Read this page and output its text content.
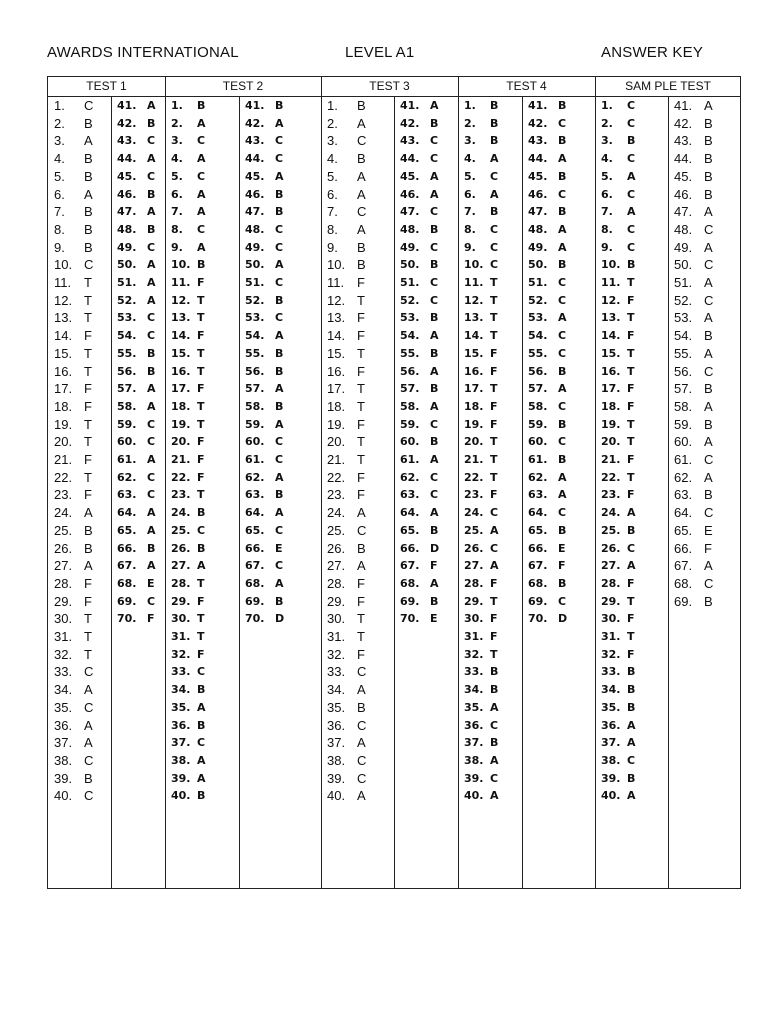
AWARDS INTERNATIONAL	LEVEL A1	ANSWER KEY
TEST 1
1. C
2. B
3. A
4. B
5. B
6. A
7. B
8. B
9. B
10. C
11. T
12. T
13. T
14. F
15. T
16. T
17. F
18. F
19. T
20. T
21. F
22. T
23. F
24. A
25. B
26. B
27. A
28. F
29. F
30. T
31. T
32. T
33. C
34. A
35. C
36. A
37. A
38. C
39. B
40. C
41. A
42. B
43. C
44. A
45. C
46. B
47. A
48. B
49. C
50. A
51. A
52. A
53. C
54. C
55. B
56. B
57. A
58. A
59. C
60. C
61. A
62. C
63. C
64. A
65. A
66. B
67. A
68. E
69. C
70. F
TEST 2
1. B
2. A
3. C
4. A
5. C
6. A
7. A
8. C
9. A
10. B
11. F
12. T
13. T
14. F
15. T
16. T
17. F
18. T
19. T
20. F
21. F
22. F
23. T
24. B
25. C
26. B
27. A
28. T
29. F
30. T
31. T
32. F
33. C
34. B
35. A
36. B
37. C
38. A
39. A
40. B
41. B
42. A
43. C
44. C
45. A
46. B
47. B
48. C
49. C
50. A
51. C
52. B
53. C
54. A
55. B
56. B
57. A
58. B
59. A
60. C
61. C
62. A
63. B
64. A
65. C
66. E
67. C
68. A
69. B
70. D
TEST 3
1. B
2. A
3. C
4. B
5. A
6. A
7. C
8. A
9. B
10. B
11. F
12. T
13. F
14. F
15. T
16. F
17. T
18. T
19. F
20. T
21. T
22. F
23. F
24. A
25. C
26. B
27. A
28. F
29. F
30. T
31. T
32. F
33. C
34. A
35. B
36. C
37. A
38. C
39. C
40. A
41. A
42. B
43. C
44. C
45. A
46. A
47. C
48. B
49. C
50. B
51. C
52. C
53. B
54. A
55. B
56. A
57. B
58. A
59. C
60. B
61. A
62. C
63. C
64. A
65. B
66. D
67. F
68. A
69. B
70. E
TEST 4
1. B
2. B
3. B
4. A
5. C
6. A
7. B
8. C
9. C
10. C
11. T
12. T
13. T
14. T
15. F
16. F
17. T
18. F
19. F
20. T
21. T
22. T
23. F
24. C
25. A
26. C
27. A
28. F
29. T
30. F
31. F
32. T
33. B
34. B
35. A
36. C
37. B
38. A
39. C
40. A
41. B
42. C
43. B
44. A
45. B
46. C
47. B
48. A
49. A
50. B
51. C
52. C
53. A
54. C
55. C
56. B
57. A
58. C
59. B
60. C
61. B
62. A
63. A
64. C
65. B
66. E
67. F
68. B
69. C
70. D
SAM PLE TEST
1. C
2. C
3. B
4. C
5. A
6. C
7. A
8. C
9. C
10. B
11. T
12. F
13. T
14. F
15. T
16. T
17. F
18. F
19. T
20. T
21. F
22. T
23. F
24. A
25. B
26. C
27. A
28. F
29. T
30. F
31. T
32. F
33. B
34. B
35. B
36. A
37. A
38. C
39. B
40. A
41. A
42. B
43. B
44. B
45. B
46. B
47. A
48. C
49. A
50. C
51. A
52. C
53. A
54. B
55. A
56. C
57. B
58. A
59. B
60. A
61. C
62. A
63. B
64. C
65. E
66. F
67. A
68. C
69. B
